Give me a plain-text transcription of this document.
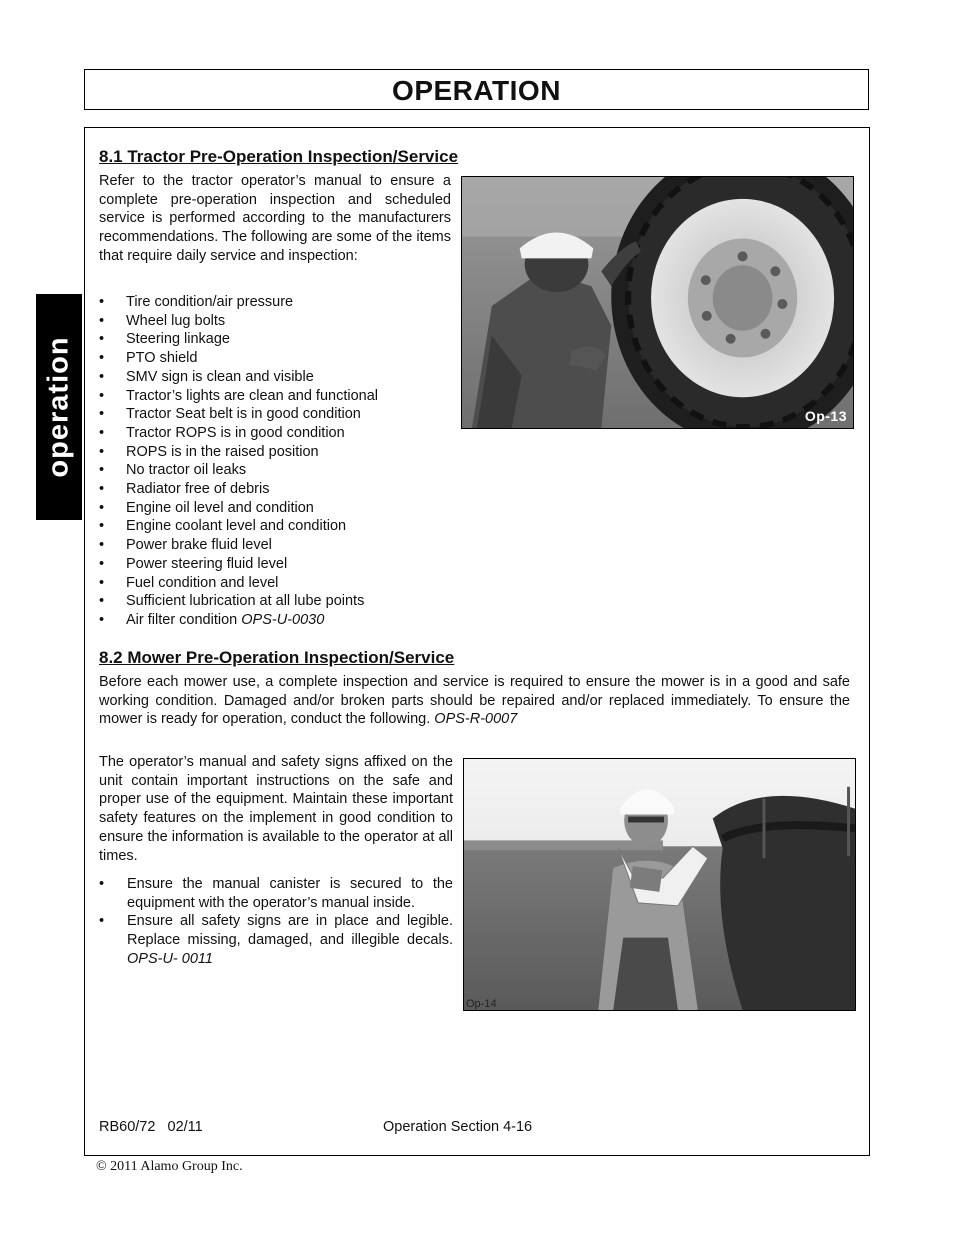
OPERATION
operation
8.1 Tractor Pre-Operation Inspection/Service

Refer to the tractor operator’s manual to ensure a complete pre-operation inspection and scheduled service is performed according to the manufacturers recommendations. The following are some of the items that require daily service and inspection:

• Tire condition/air pressure
• Wheel lug bolts
• Steering linkage
• PTO shield
• SMV sign is clean and visible
• Tractor’s lights are clean and functional
• Tractor Seat belt is in good condition
• Tractor ROPS is in good condition
• ROPS is in the raised position
• No tractor oil leaks
• Radiator free of debris
• Engine oil level and condition
• Engine coolant level and condition
• Power brake fluid level
• Power steering fluid level
• Fuel condition and level
• Sufficient lubrication at all lube points
• Air filter condition OPS-U-0030
Op-13
8.2 Mower Pre-Operation Inspection/Service

Before each mower use, a complete inspection and service is required to ensure the mower is in a good and safe working condition. Damaged and/or broken parts should be repaired and/or replaced immediately. To ensure the mower is ready for operation, conduct the following. OPS-R-0007

The operator’s manual and safety signs affixed on the unit contain important instructions on the safe and proper use of the equipment. Maintain these important safety features on the implement in good condition to ensure the information is available to the operator at all times.

• Ensure the manual canister is secured to the equipment with the operator’s manual inside.
• Ensure all safety signs are in place and legible. Replace missing, damaged, and illegible decals. OPS-U- 0011
Op-14
RB60/72   02/11	Operation Section 4-16
© 2011 Alamo Group Inc.
